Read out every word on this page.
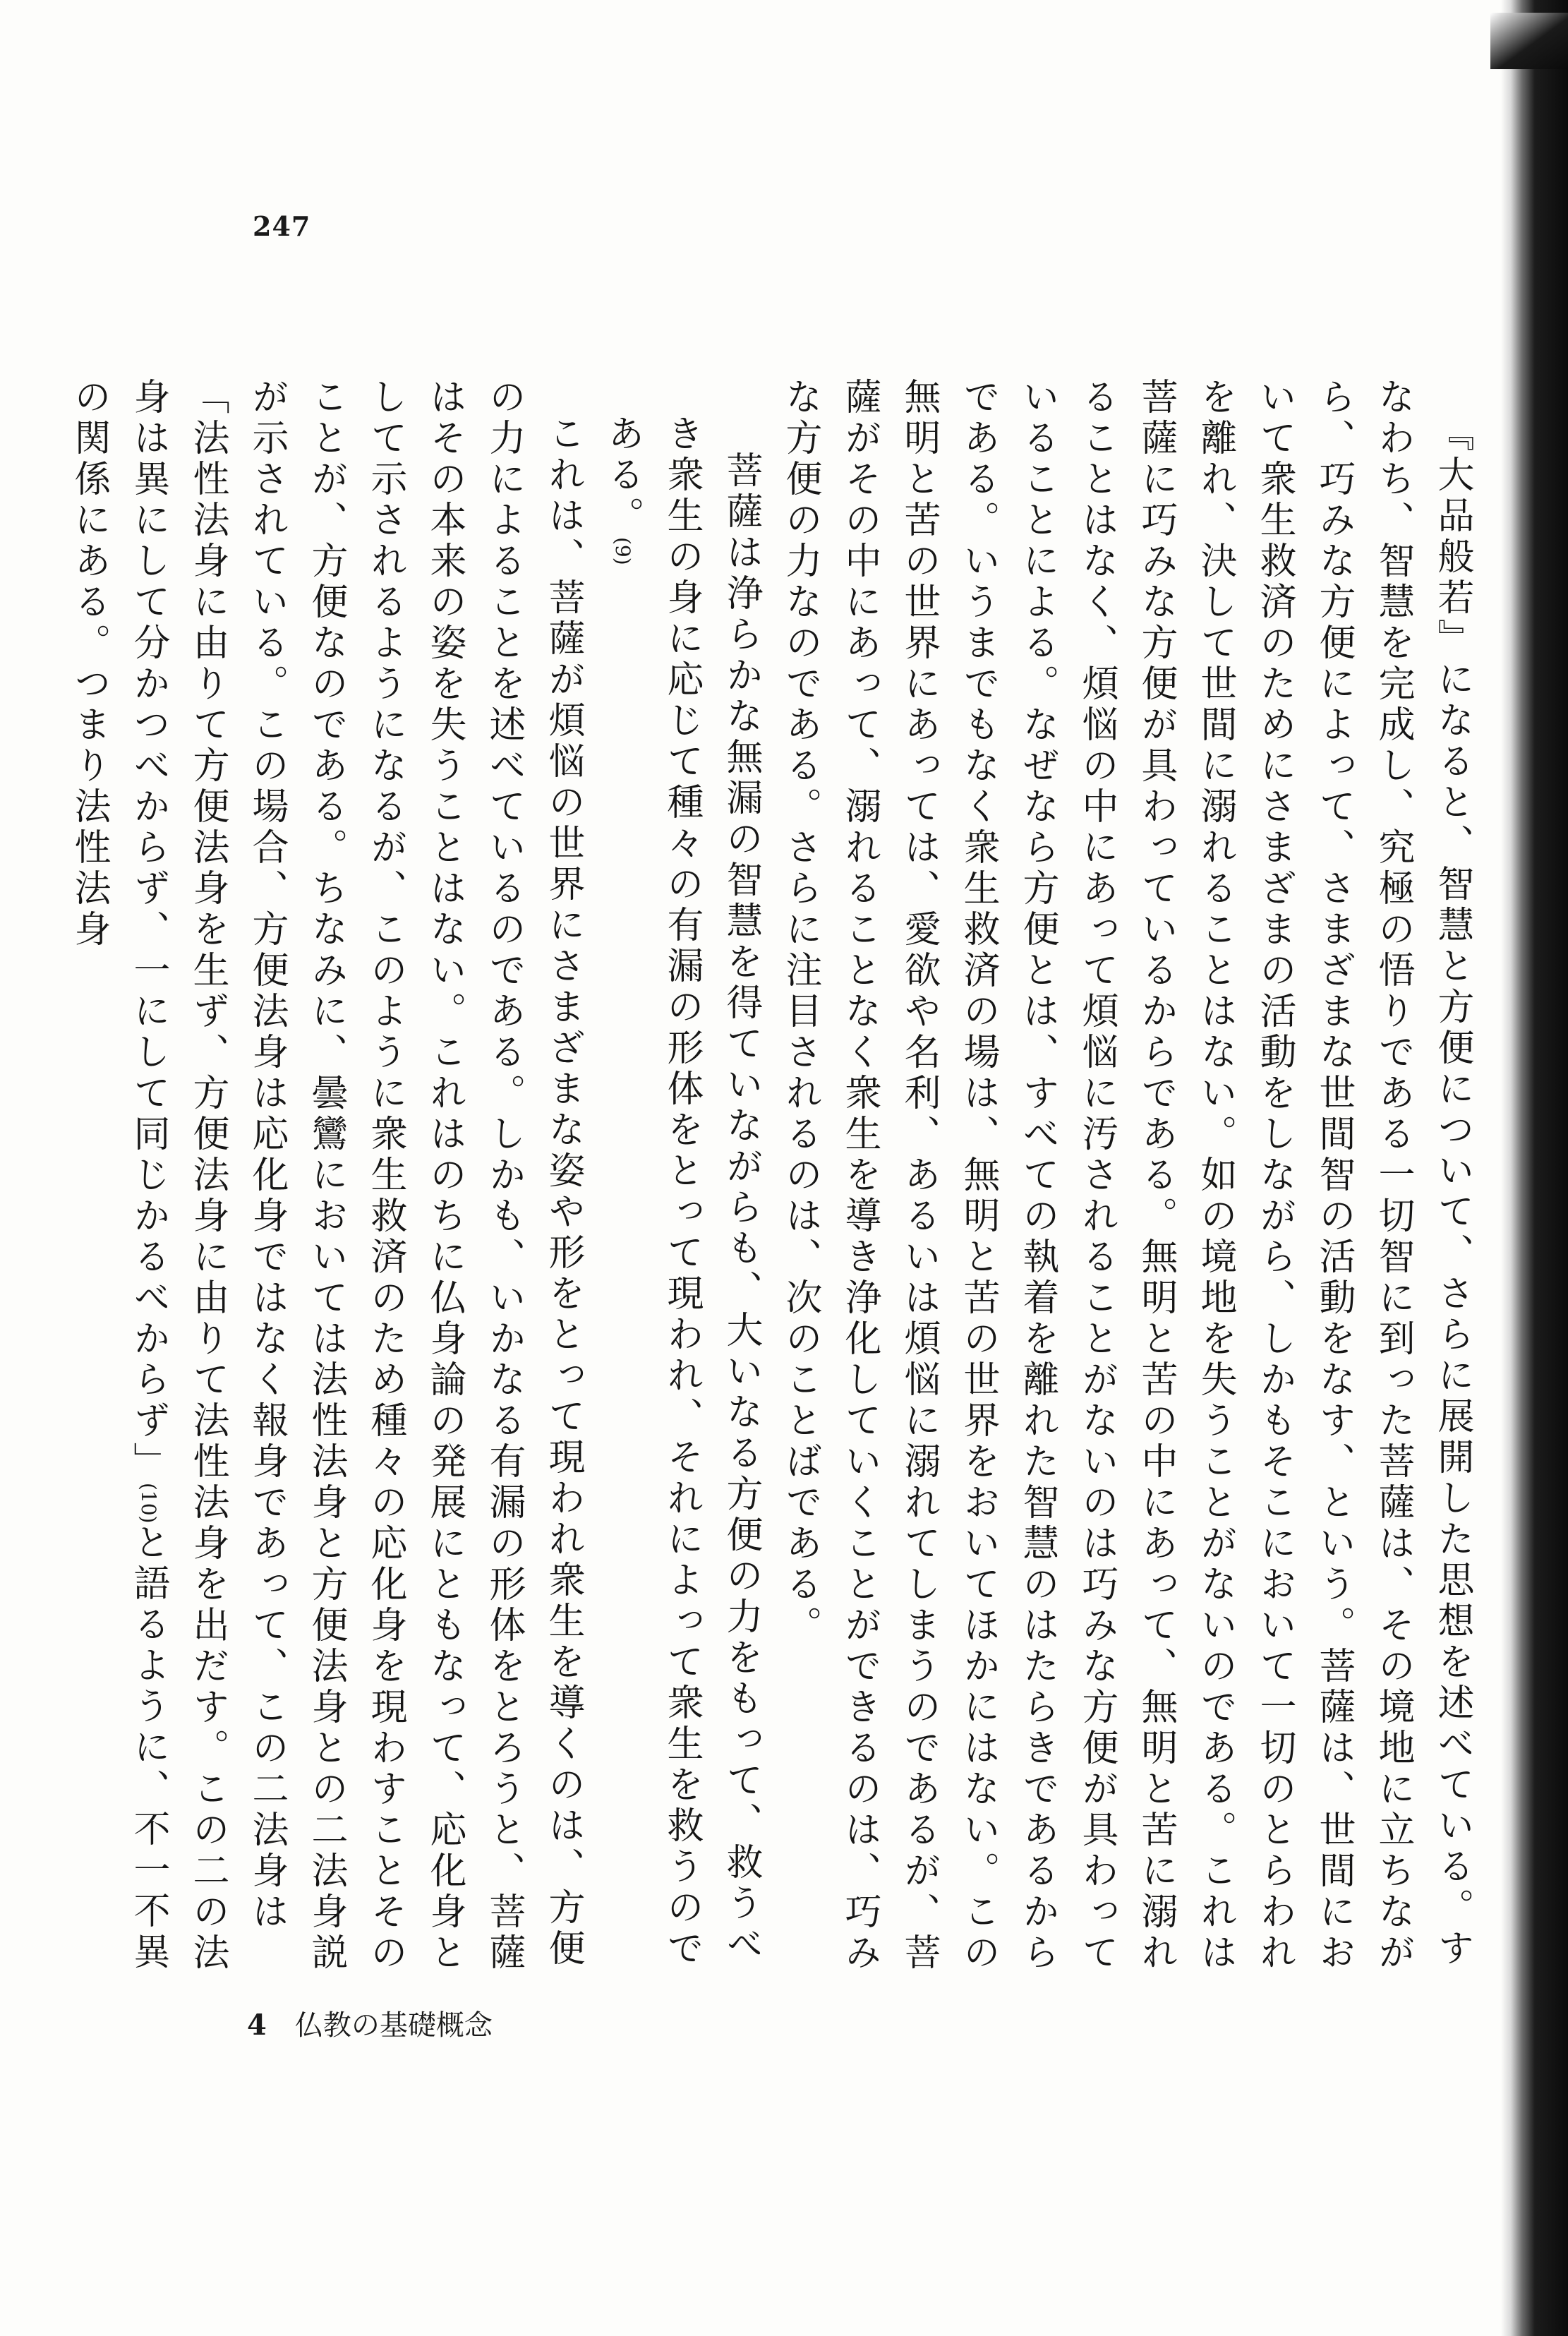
247

『大品般若』になると、智慧と方便について、さらに展開した思想を述べている。すなわち、智慧を完成し、究極の悟りである一切智に到った菩薩は、その境地に立ちながら、巧みな方便によって、さまざまな世間智の活動をなす、という。菩薩は、世間において衆生救済のためにさまざまの活動をしながら、しかもそこにおいて一切のとらわれを離れ、決して世間に溺れることはない。如の境地を失うことがないのである。これは菩薩に巧みな方便が具わっているからである。無明と苦の中にあって、無明と苦に溺れることはなく、煩悩の中にあって煩悩に汚されることがないのは巧みな方便が具わっていることによる。なぜなら方便とは、すべての執着を離れた智慧のはたらきであるからである。いうまでもなく衆生救済の場は、無明と苦の世界をおいてほかにはない。この無明と苦の世界にあっては、愛欲や名利、あるいは煩悩に溺れてしまうのであるが、菩薩がその中にあって、溺れることなく衆生を導き浄化していくことができるのは、巧みな方便の力なのである。さらに注目されるのは、次のことばである。

菩薩は浄らかな無漏の智慧を得ていながらも、大いなる方便の力をもって、救うべき衆生の身に応じて種々の有漏の形体をとって現われ、それによって衆生を救うのである。(9)

これは、菩薩が煩悩の世界にさまざまな姿や形をとって現われ衆生を導くのは、方便の力によることを述べているのである。しかも、いかなる有漏の形体をとろうと、菩薩はその本来の姿を失うことはない。これはのちに仏身論の発展にともなって、応化身として示されるようになるが、このように衆生救済のため種々の応化身を現わすことそのことが、方便なのである。ちなみに、曇鸞においては法性法身と方便法身との二法身説が示されている。この場合、方便法身は応化身ではなく報身であって、この二法身は「法性法身に由りて方便法身を生ず、方便法身に由りて法性法身を出だす。この二の法身は異にして分かつべからず、一にして同じかるべからず」(10)と語るように、不一不異の関係にある。つまり法性法身

4 仏教の基礎概念
